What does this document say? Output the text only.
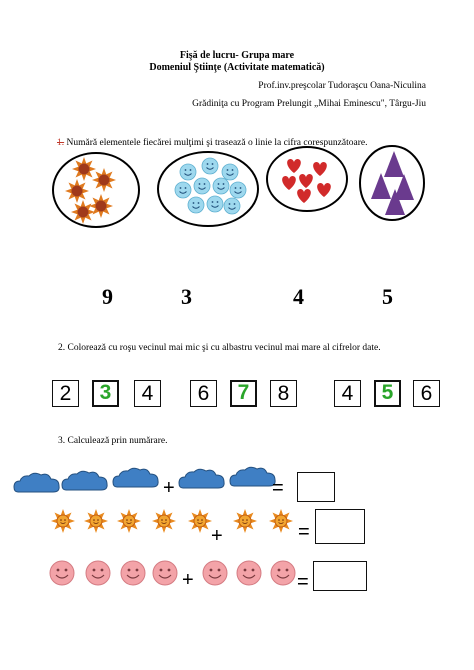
Fişă de lucru- Grupa mare
Domeniul Ştiinţe (Activitate matematică)
Prof.inv.preşcolar Tudoraşcu Oana-Niculina
Grădiniţa cu Program Prelungit „Mihai Eminescu", Târgu-Jiu
1. Numără elementele fiecărei mulţimi şi trasează o linie la cifra corespunzătoare.
9	3	4	5
2. Colorează cu roşu vecinul mai mic şi cu albastru vecinul mai mare al cifrelor date.
2	3	4	6	7	8	4	5	6
3. Calculează prin numărare.
+	=
+	=
+	=
